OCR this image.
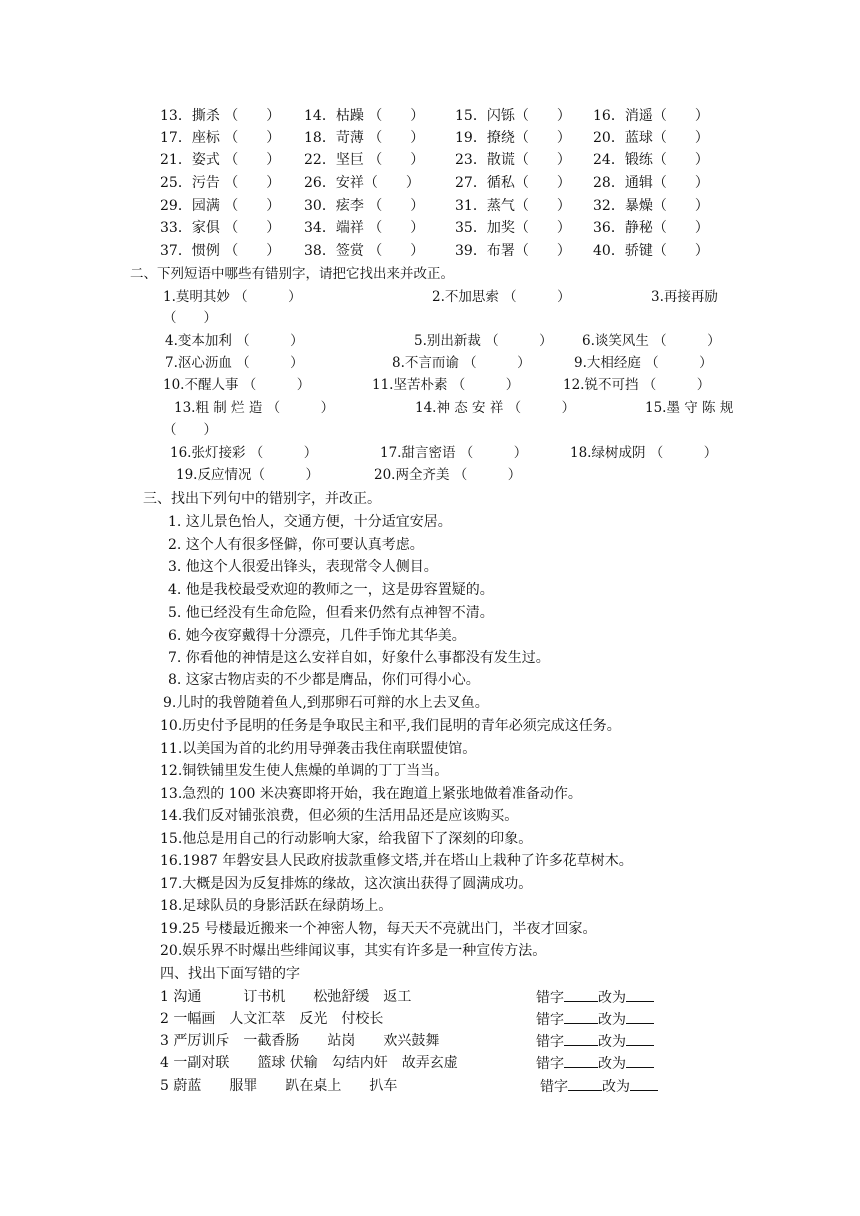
13．撕杀 （　　） 14．枯躁 （　　） 15．闪铄（　　） 16．消遥（　　）
17．座标 （　　） 18．苛薄 （　　） 19．撩绕（　　） 20．蓝球（　　）
21．姿式 （　　） 22．坚巨 （　　） 23．散谎（　　） 24．锻练（　　）
25．污告 （　　） 26．安祥（　　）	27．循私（　　） 28．通辑（　　）
29．园满 （　　） 30．痃李 （　　） 31．蒸气（　　） 32．暴燥（　　）
33．家俱 （　　） 34．端祥 （　　） 35．加奖（　　） 36．静秘（　　）
37．惯例 （　　） 38．签赏 （　　） 39．布署（　　） 40．骄键（　　）
二、下列短语中哪些有错别字，请把它找出来并改正。
1.莫明其妙 （　　　）	2.不加思索 （　　　）	3.再接再励
（　　）
4.变本加利 （　　　）	5.别出新裁 （　　　） 6.谈笑风生 （　　　）
7.沤心沥血 （　　　）	8.不言而谕 （　　　）	9.大相经庭 （　　　）
10.不醒人事 （　　　）	11.坚苦朴素 （　　　）	12.锐不可挡 （　　　）
13.粗 制 烂 造 （　　　）	14.神 态 安 祥 （　　　）	15.墨 守 陈 规
（　　）
16.张灯接彩 （　　　）	17.甜言密语 （　　　）	18.绿树成阴 （　　　）
19.反应情况（　　　）	20.两全齐美 （　　　）
三、找出下列句中的错别字，并改正。
1. 这儿景色怡人，交通方便，十分适宜安居。
2. 这个人有很多怪僻，你可要认真考虑。
3. 他这个人很爱出锋头，表现常令人侧目。
4. 他是我校最受欢迎的教师之一，这是毋容置疑的。
5. 他已经没有生命危险，但看来仍然有点神智不清。
6. 她今夜穿戴得十分漂亮，几件手饰尤其华美。
7. 你看他的神情是这么安祥自如，好象什么事都没有发生过。
8. 这家古物店卖的不少都是膺品，你们可得小心。
9.儿时的我曾随着鱼人,到那卵石可辩的水上去叉鱼。
10.历史付予昆明的任务是争取民主和平,我们昆明的青年必须完成这任务。
11.以美国为首的北约用导弹袭击我住南联盟使馆。
12.铜铁铺里发生使人焦燥的单调的丁丁当当。
13.急烈的 100 米决赛即将开始，我在跑道上紧张地做着准备动作。
14.我们反对铺张浪费，但必须的生活用品还是应该购买。
15.他总是用自己的行动影响大家，给我留下了深刻的印象。
16.1987 年磐安县人民政府拔款重修文塔,并在塔山上栽种了许多花草树木。
17.大概是因为反复排炼的缘故，这次演出获得了圆满成功。
18.足球队员的身影活跃在绿荫场上。
19.25 号楼最近搬来一个神密人物，每天天不亮就出门，半夜才回家。
20.娱乐界不时爆出些绯闻议事，其实有许多是一种宣传方法。
四、找出下面写错的字
1 沟通　　　订书机　　松弛舒缓　返工	错字 改为
2 一幅画　人文汇萃　反光　付校长	错字 改为
3 严厉训斥　一截香肠　　站岗　　欢兴鼓舞	错字 改为
4 一副对联　　篮球 伏输　勾结内奸　故弄玄虚	错字 改为
5 蔚蓝　　服罪　　趴在桌上　　扒车	错字 改为
